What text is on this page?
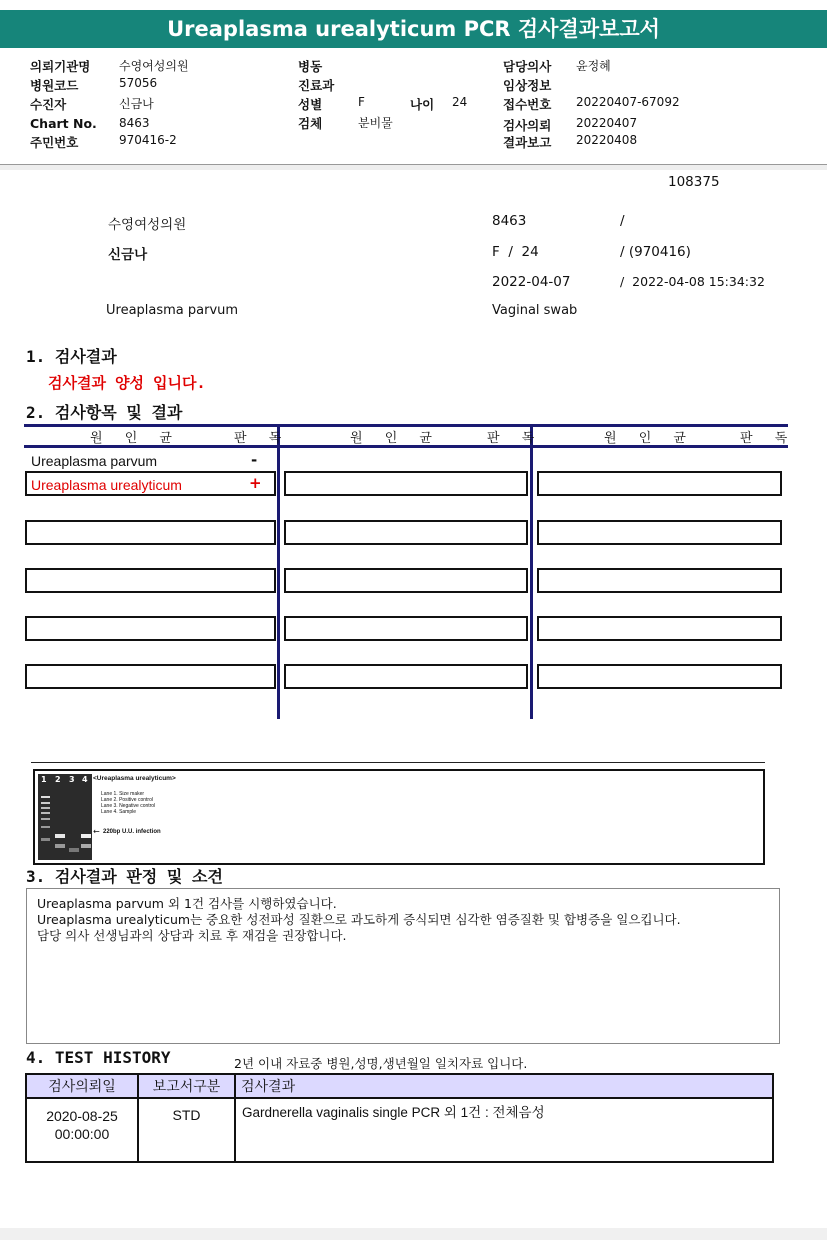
Ureaplasma urealyticum PCR 검사결과보고서
의뢰기관명 수영여성의원
병원코드	57056
수진자	신금나
Chart No. 8463
주민번호	970416-2
병동
진료과
성별	F	나이 24
검체	분비물
담당의사 윤정혜
임상정보
접수번호 20220407-67092
검사의뢰 20220407
결과보고 20220408
108375
수영여성의원	8463	/
신금나	F  /  24	/ (970416)
2022-04-07	/  2022-04-08 15:34:32
Ureaplasma parvum	Vaginal swab
1. 검사결과
검사결과 양성 입니다.
2. 검사항목 및 결과
원 인 균	판 독	원 인 균	판 독	원 인 균	판 독
Ureaplasma parvum	-
Ureaplasma urealyticum	+
1 2 3 4 <Ureaplasma urealyticum>
Lane 1. Size maker
Lane 2. Positive control
Lane 3. Negative control
Lane 4. Sample
← 220bp U.U. infection
3. 검사결과 판정 및 소견
Ureaplasma parvum 외 1건 검사를 시행하였습니다.
Ureaplasma urealyticum는 중요한 성전파성 질환으로 과도하게 증식되면 심각한 염증질환 및 합병증을 일으킵니다.
담당 의사 선생님과의 상담과 치료 후 재검을 권장합니다.
4. TEST HISTORY	2년 이내 자료중 병원,성명,생년월일 일치자료 입니다.
검사의뢰일	보고서구분	검사결과

2020-08-25
00:00:00	STD	Gardnerella vaginalis single PCR 외 1건 : 전체음성
